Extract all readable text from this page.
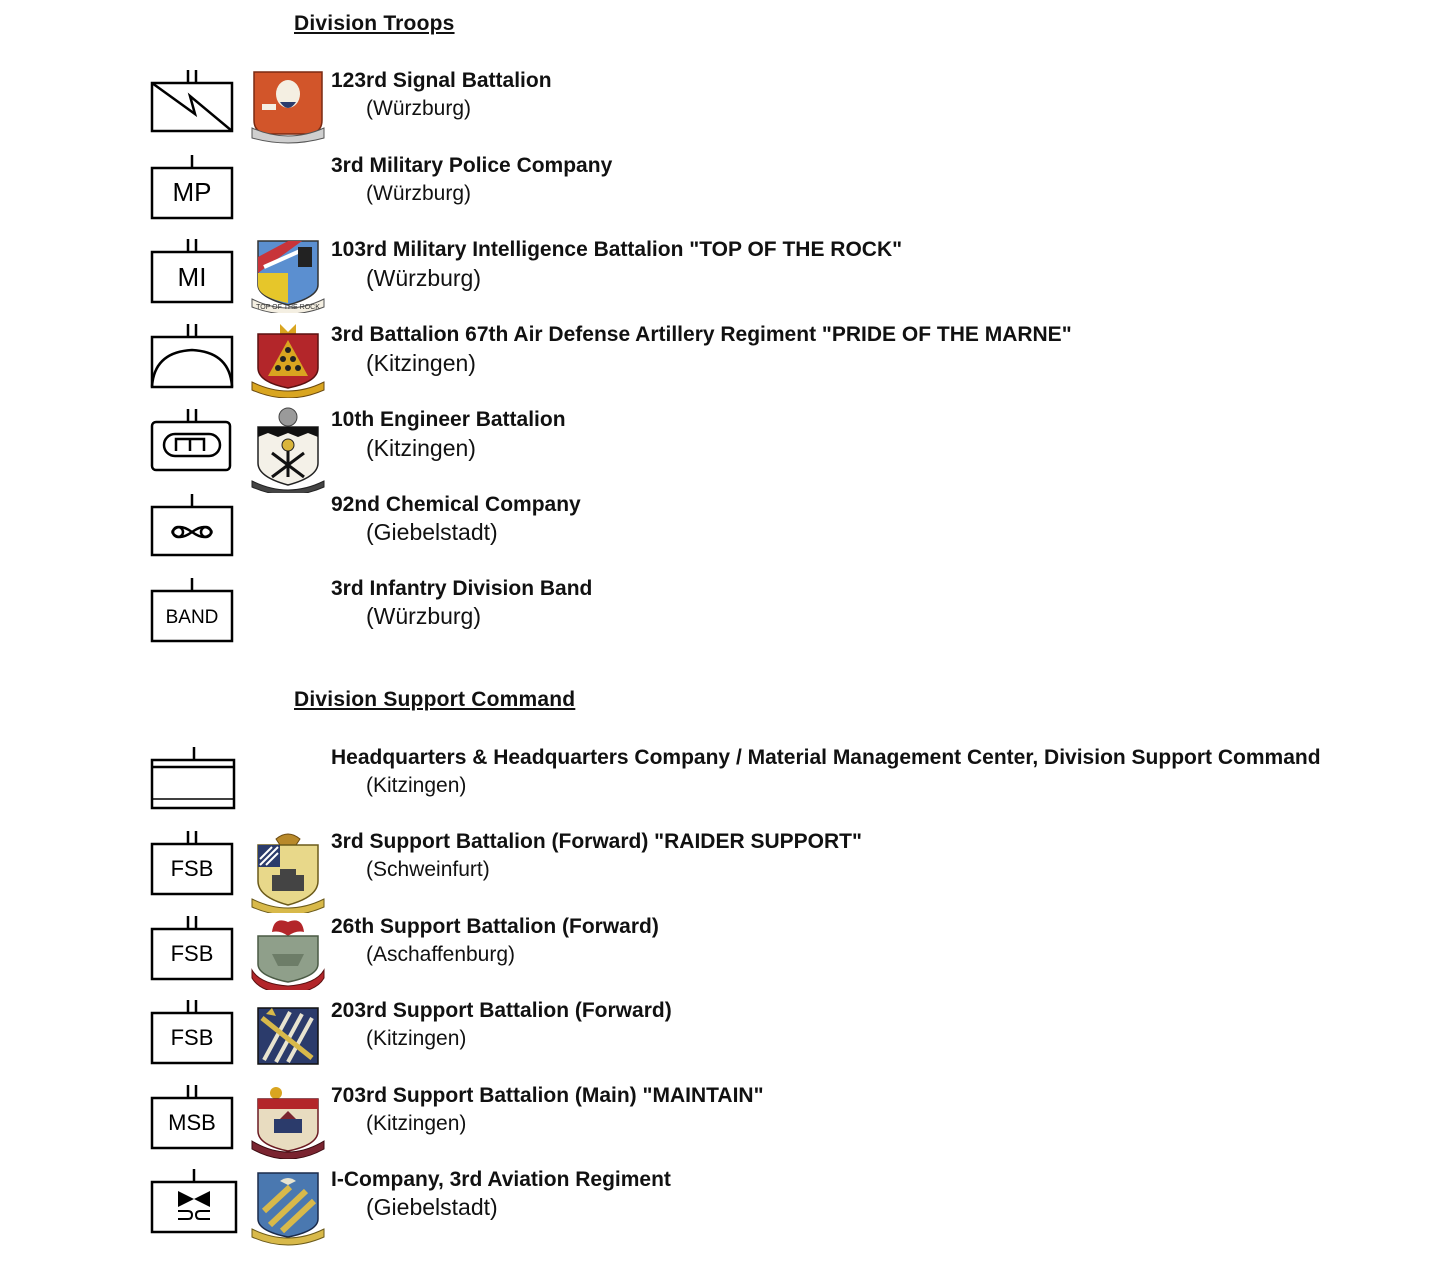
Division Troops

123rd Signal Battalion

(Würzburg)

MP

3rd Military Police Company

(Würzburg)

MI
TOP OF THE ROCK

103rd Military Intelligence Battalion "TOP OF THE ROCK"

(Würzburg)

3rd Battalion 67th Air Defense Artillery Regiment "PRIDE OF THE MARNE"

(Kitzingen)

10th Engineer Battalion

(Kitzingen)

92nd Chemical Company

(Giebelstadt)

BAND

3rd Infantry Division Band

(Würzburg)

Division Support Command

Headquarters & Headquarters Company / Material Management Center, Division Support Command

(Kitzingen)

FSB

3rd Support Battalion (Forward) "RAIDER SUPPORT"

(Schweinfurt)

FSB

26th Support Battalion (Forward)

(Aschaffenburg)

FSB

203rd Support Battalion (Forward)

(Kitzingen)

MSB

703rd Support Battalion (Main) "MAINTAIN"

(Kitzingen)

I-Company, 3rd Aviation Regiment

(Giebelstadt)
